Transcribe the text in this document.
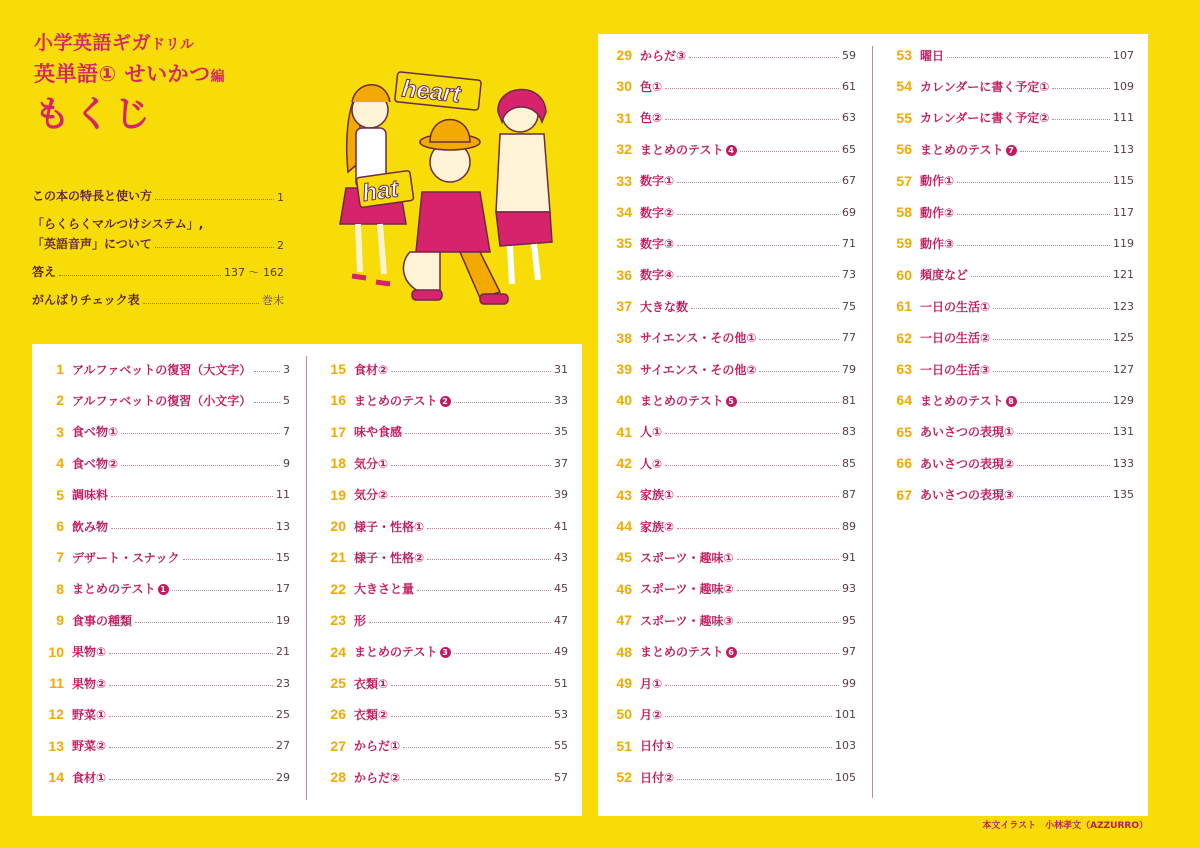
小学英語ギガドリル
英単語① せいかつ編
もくじ
heart
hat
この本の特長と使い方	1
「らくらくマルつけシステム」,
「英語音声」について	2
答え	137 ～ 162
がんばりチェック表	巻末
1 アルファベットの復習（大文字）	3
2 アルファベットの復習（小文字）	5
3 食べ物①	7
4 食べ物②	9
5 調味料	11
6 飲み物	13
7 デザート・スナック	15
8 まとめのテスト 1	17
9 食事の種類	19
10 果物①	21
11 果物②	23
12 野菜①	25
13 野菜②	27
14 食材①	29
15 食材②	31
16 まとめのテスト 2	33
17 味や食感	35
18 気分①	37
19 気分②	39
20 様子・性格①	41
21 様子・性格②	43
22 大きさと量	45
23 形	47
24 まとめのテスト 3	49
25 衣類①	51
26 衣類②	53
27 からだ①	55
28 からだ②	57
29 からだ③	59
30 色①	61
31 色②	63
32 まとめのテスト 4	65
33 数字①	67
34 数字②	69
35 数字③	71
36 数字④	73
37 大きな数	75
38 サイエンス・その他①	77
39 サイエンス・その他②	79
40 まとめのテスト 5	81
41 人①	83
42 人②	85
43 家族①	87
44 家族②	89
45 スポーツ・趣味①	91
46 スポーツ・趣味②	93
47 スポーツ・趣味③	95
48 まとめのテスト 6	97
49 月①	99
50 月②	101
51 日付①	103
52 日付②	105
53 曜日	107
54 カレンダーに書く予定①	109
55 カレンダーに書く予定②	111
56 まとめのテスト 7	113
57 動作①	115
58 動作②	117
59 動作③	119
60 頻度など	121
61 一日の生活①	123
62 一日の生活②	125
63 一日の生活③	127
64 まとめのテスト 8	129
65 あいさつの表現①	131
66 あいさつの表現②	133
67 あいさつの表現③	135
本文イラスト　小林孝文（AZZURRO）
